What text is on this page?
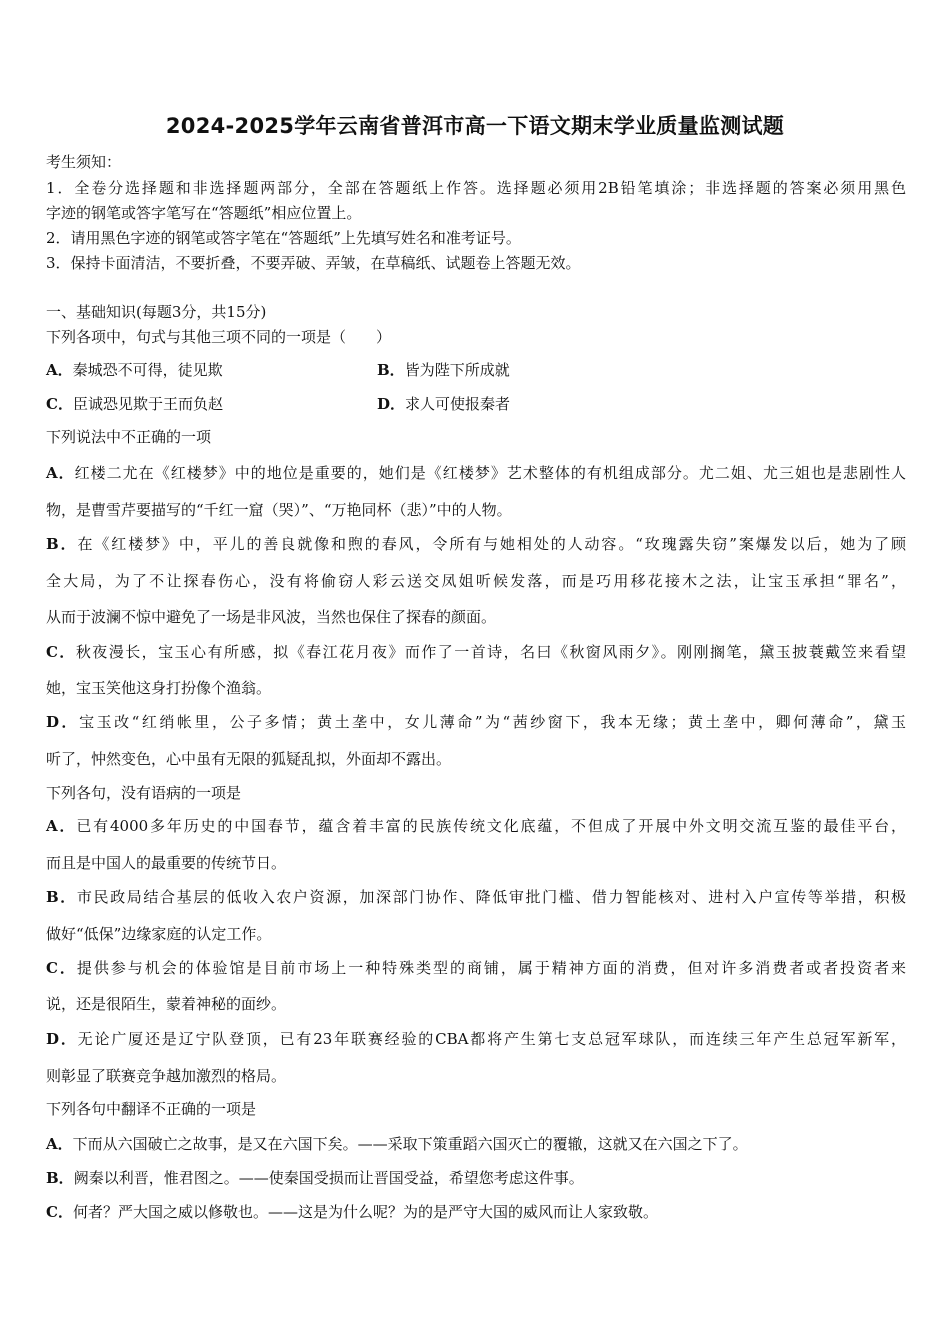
2024-2025学年云南省普洱市高一下语文期末学业质量监测试题
考生须知：
1．全卷分选择题和非选择题两部分，全部在答题纸上作答。选择题必须用2B铅笔填涂；非选择题的答案必须用黑色
字迹的钢笔或答字笔写在“答题纸”相应位置上。
2．请用黑色字迹的钢笔或答字笔在“答题纸”上先填写姓名和准考证号。
3．保持卡面清洁，不要折叠，不要弄破、弄皱，在草稿纸、试题卷上答题无效。
一、基础知识(每题3分，共15分)
下列各项中，句式与其他三项不同的一项是（　　）
A．秦城恐不可得，徒见欺	B．皆为陛下所成就
C．臣诚恐见欺于王而负赵	D．求人可使报秦者
下列说法中不正确的一项
A．红楼二尤在《红楼梦》中的地位是重要的，她们是《红楼梦》艺术整体的有机组成部分。尤二姐、尤三姐也是悲剧性人
物，是曹雪芹要描写的“千红一窟（哭）”、“万艳同杯（悲）”中的人物。
B．在《红楼梦》中，平儿的善良就像和煦的春风，令所有与她相处的人动容。“玫瑰露失窃”案爆发以后，她为了顾
全大局，为了不让探春伤心，没有将偷窃人彩云送交凤姐听候发落，而是巧用移花接木之法，让宝玉承担“罪名”，
从而于波澜不惊中避免了一场是非风波，当然也保住了探春的颜面。
C．秋夜漫长，宝玉心有所感，拟《春江花月夜》而作了一首诗，名曰《秋窗风雨夕》。刚刚搁笔，黛玉披蓑戴笠来看望
她，宝玉笑他这身打扮像个渔翁。
D．宝玉改“红绡帐里，公子多情；黄土垄中，女儿薄命”为“茜纱窗下，我本无缘；黄土垄中，卿何薄命”，黛玉
听了，忡然变色，心中虽有无限的狐疑乱拟，外面却不露出。
下列各句，没有语病的一项是
A．已有4000多年历史的中国春节，蕴含着丰富的民族传统文化底蕴，不但成了开展中外文明交流互鉴的最佳平台，
而且是中国人的最重要的传统节日。
B．市民政局结合基层的低收入农户资源，加深部门协作、降低审批门槛、借力智能核对、进村入户宣传等举措，积极
做好“低保”边缘家庭的认定工作。
C．提供参与机会的体验馆是目前市场上一种特殊类型的商铺，属于精神方面的消费，但对许多消费者或者投资者来
说，还是很陌生，蒙着神秘的面纱。
D．无论广厦还是辽宁队登顶，已有23年联赛经验的CBA都将产生第七支总冠军球队，而连续三年产生总冠军新军，
则彰显了联赛竞争越加激烈的格局。
下列各句中翻译不正确的一项是
A．下而从六国破亡之故事，是又在六国下矣。——采取下策重蹈六国灭亡的覆辙，这就又在六国之下了。
B．阙秦以利晋，惟君图之。——使秦国受损而让晋国受益，希望您考虑这件事。
C．何者？严大国之威以修敬也。——这是为什么呢？为的是严守大国的威风而让人家致敬。
